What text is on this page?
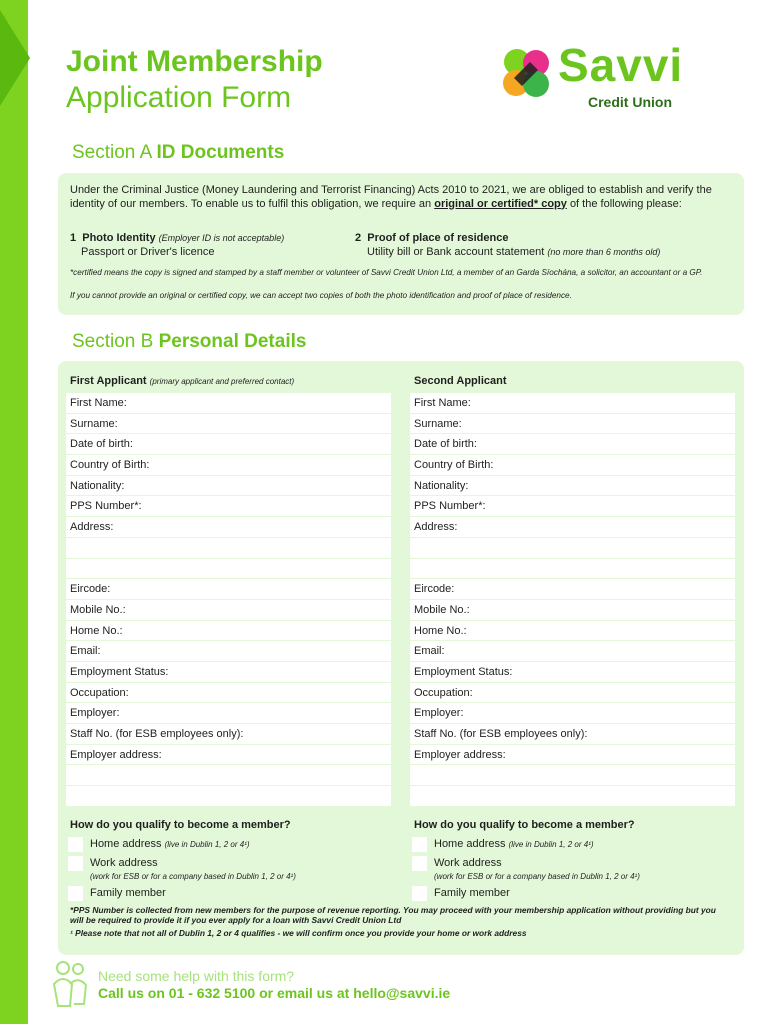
Joint Membership
Application Form
Savvi
Credit Union
Section A ID Documents
Under the Criminal Justice (Money Laundering and Terrorist Financing) Acts 2010 to 2021, we are obliged to establish and verify the identity of our members. To enable us to fulfil this obligation, we require an original or certified* copy of the following please:
1 Photo Identity (Employer ID is not acceptable)
Passport or Driver's licence
2 Proof of place of residence
Utility bill or Bank account statement (no more than 6 months old)
*certified means the copy is signed and stamped by a staff member or volunteer of Savvi Credit Union Ltd, a member of an Garda Síochána, a solicitor, an accountant or a GP.
If you cannot provide an original or certified copy, we can accept two copies of both the photo identification and proof of place of residence.
Section B Personal Details
First Applicant (primary applicant and preferred contact)
First Name:
Surname:
Date of birth:
Country of Birth:
Nationality:
PPS Number*:
Address:
Eircode:
Mobile No.:
Home No.:
Email:
Employment Status:
Occupation:
Employer:
Staff No. (for ESB employees only):
Employer address:
How do you qualify to become a member?
Home address (live in Dublin 1, 2 or 4¹)
Work address
(work for ESB or for a company based in Dublin 1, 2 or 4¹)
Family member
Second Applicant
First Name:
Surname:
Date of birth:
Country of Birth:
Nationality:
PPS Number*:
Address:
Eircode:
Mobile No.:
Home No.:
Email:
Employment Status:
Occupation:
Employer:
Staff No. (for ESB employees only):
Employer address:
How do you qualify to become a member?
Home address (live in Dublin 1, 2 or 4¹)
Work address
(work for ESB or for a company based in Dublin 1, 2 or 4¹)
Family member
*PPS Number is collected from new members for the purpose of revenue reporting. You may proceed with your membership application without providing but you will be required to provide it if you ever apply for a loan with Savvi Credit Union Ltd
¹ Please note that not all of Dublin 1, 2 or 4 qualifies - we will confirm once you provide your home or work address
Need some help with this form?
Call us on 01 - 632 5100 or email us at hello@savvi.ie
